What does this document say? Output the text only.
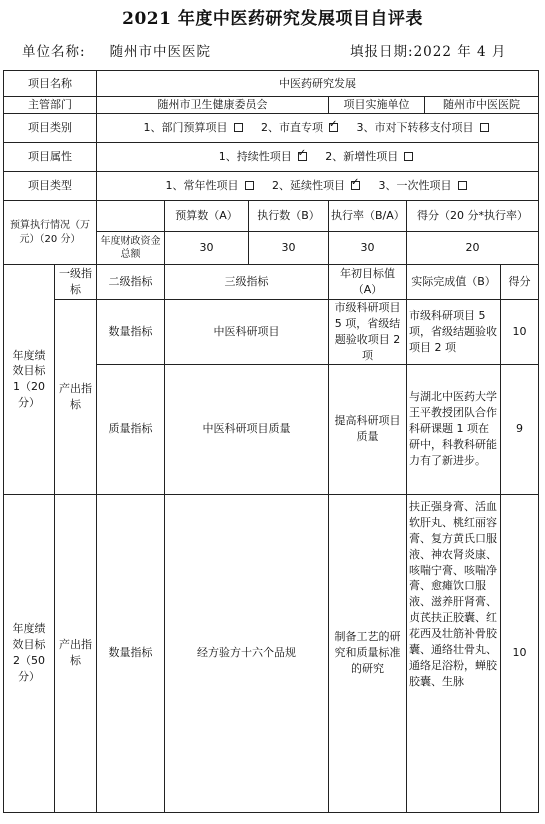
2021 年度中医药研究发展项目自评表
单位名称: 随州市中医医院	填报日期:2022 年 4 月
项目名称		中医药研究发展						
主管部门		随州市卫生健康委员会			项目实施单位		随州市中医医院	
项目类别		1、部门预算项目 2、市直专项 ✓ 3、市对下转移支付项目
项目属性		1、持续性项目 ✓ 2、新增性项目
项目类型		1、常年性项目 2、延续性项目 ✓ 3、一次性项目
预算执行情况（万元）（20 分）			预算数（A）	执行数（B）	执行率（B/A）	得分（20 分*执行率）		
		年度财政资金总额	30	30	30	20		
年度绩效目标 1（20 分）	一级指标	二级指标	三级指标		年初目标值（A）	实际完成值（B）		得分
	产出指标	数量指标	中医科研项目		市级科研项目 5 项，省级结题验收项目 2 项	市级科研项目 5 项，省级结题验收项目 2 项		10
		质量指标	中医科研项目质量		提高科研项目质量	与湖北中医药大学王平教授团队合作科研课题 1 项在研中，科教科研能力有了新进步。		9
年度绩效目标 2（50 分）	产出指标	数量指标	经方验方十六个品规		制备工艺的研究和质量标准的研究	扶正强身膏、活血软肝丸、桃红丽容膏、复方黄氏口服液、神农肾炎康、咳喘宁膏、咳喘净膏、愈瘫饮口服液、滋养肝肾膏、贞芪扶正胶囊、红花西及壮筋补骨胶囊、通络壮骨丸、通络足浴粉，蝉胶胶囊、生脉		10
